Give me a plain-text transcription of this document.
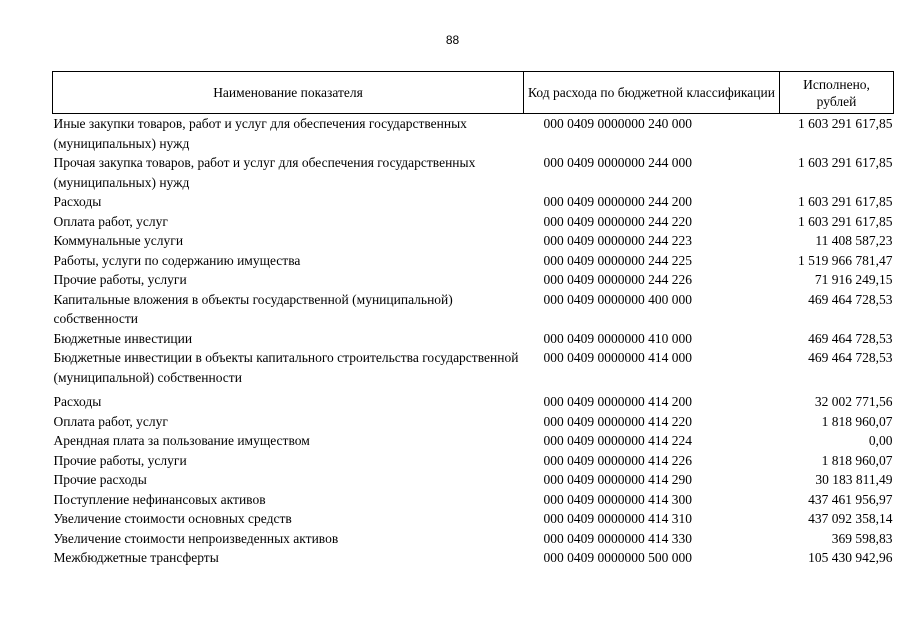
88
Наименование показателя	Код расхода по бюджетной классификации	Исполнено, рублей
Иные закупки товаров, работ и услуг для обеспечения государственных (муниципальных) нужд	000 0409 0000000 240 000	1 603 291 617,85
Прочая закупка товаров, работ и услуг для обеспечения государственных (муниципальных) нужд	000 0409 0000000 244 000	1 603 291 617,85
Расходы	000 0409 0000000 244 200	1 603 291 617,85
Оплата работ, услуг	000 0409 0000000 244 220	1 603 291 617,85
Коммунальные услуги	000 0409 0000000 244 223	11 408 587,23
Работы, услуги по содержанию имущества	000 0409 0000000 244 225	1 519 966 781,47
Прочие работы, услуги	000 0409 0000000 244 226	71 916 249,15
Капитальные вложения в объекты государственной (муниципальной) собственности	000 0409 0000000 400 000	469 464 728,53
Бюджетные инвестиции	000 0409 0000000 410 000	469 464 728,53
Бюджетные инвестиции в объекты капитального строительства государственной (муниципальной) собственности	000 0409 0000000 414 000	469 464 728,53
Расходы	000 0409 0000000 414 200	32 002 771,56
Оплата работ, услуг	000 0409 0000000 414 220	1 818 960,07
Арендная плата за пользование имуществом	000 0409 0000000 414 224	0,00
Прочие работы, услуги	000 0409 0000000 414 226	1 818 960,07
Прочие расходы	000 0409 0000000 414 290	30 183 811,49
Поступление нефинансовых активов	000 0409 0000000 414 300	437 461 956,97
Увеличение стоимости основных средств	000 0409 0000000 414 310	437 092 358,14
Увеличение стоимости непроизведенных активов	000 0409 0000000 414 330	369 598,83
Межбюджетные трансферты	000 0409 0000000 500 000	105 430 942,96
